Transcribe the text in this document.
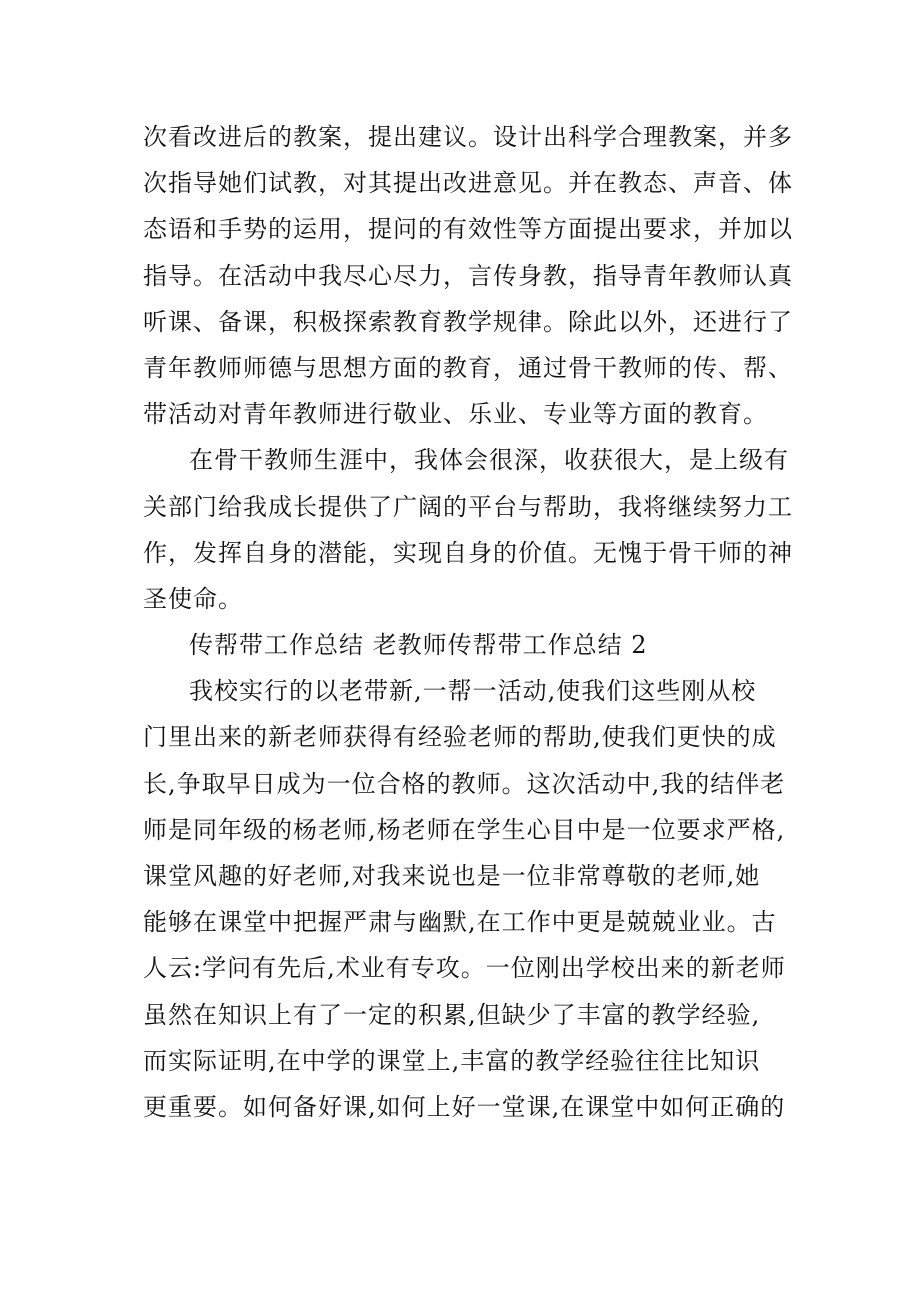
次看改进后的教案，提出建议。设计出科学合理教案，并多
次指导她们试教，对其提出改进意见。并在教态、声音、体
态语和手势的运用，提问的有效性等方面提出要求，并加以
指导。在活动中我尽心尽力，言传身教，指导青年教师认真
听课、备课，积极探索教育教学规律。除此以外，还进行了
青年教师师德与思想方面的教育，通过骨干教师的传、帮、
带活动对青年教师进行敬业、乐业、专业等方面的教育。
在骨干教师生涯中，我体会很深，收获很大，是上级有
关部门给我成长提供了广阔的平台与帮助，我将继续努力工
作，发挥自身的潜能，实现自身的价值。无愧于骨干师的神
圣使命。
传帮带工作总结 老教师传帮带工作总结 2
我校实行的以老带新,一帮一活动,使我们这些刚从校
门里出来的新老师获得有经验老师的帮助,使我们更快的成
长,争取早日成为一位合格的教师。这次活动中,我的结伴老
师是同年级的杨老师,杨老师在学生心目中是一位要求严格,
课堂风趣的好老师,对我来说也是一位非常尊敬的老师,她
能够在课堂中把握严肃与幽默,在工作中更是兢兢业业。古
人云:学问有先后,术业有专攻。一位刚出学校出来的新老师
虽然在知识上有了一定的积累,但缺少了丰富的教学经验,
而实际证明,在中学的课堂上,丰富的教学经验往往比知识
更重要。如何备好课,如何上好一堂课,在课堂中如何正确的
